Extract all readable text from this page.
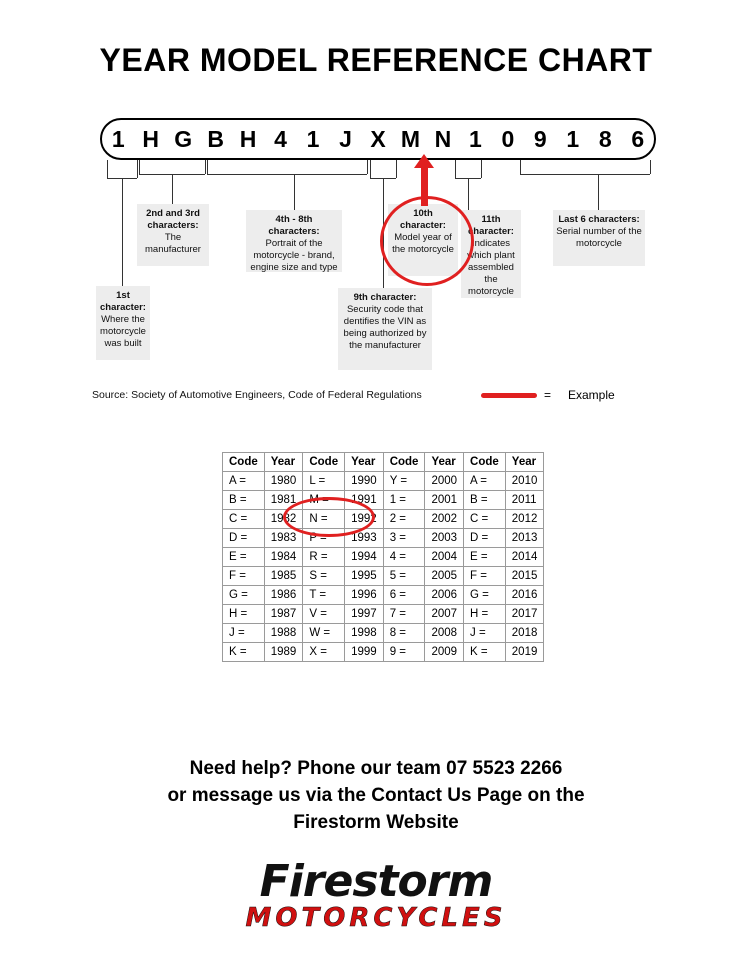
YEAR MODEL REFERENCE CHART
1 H G B H 4 1 J X M N 1 0 9 1 8 6
1st character:
Where the motorcycle was built
2nd and 3rd characters:
The manufacturer
4th - 8th characters:
Portrait of the motorcycle - brand, engine size and type
9th character:
Security code that dentifies the VIN as being authorized by the manufacturer
10th character:
Model year of the motorcycle
11th character:
Indicates which plant assembled the motorcycle
Last 6 characters:
Serial number of the motorcycle
Source: Society of Automotive Engineers, Code of Federal Regulations	= Example
Code	Year	Code	Year	Code	Year	Code	Year
A =	1980	L =	1990	Y =	2000	A =	2010
B =	1981	M =	1991	1 =	2001	B =	2011
C =	1982	N =	1992	2 =	2002	C =	2012
D =	1983	P =	1993	3 =	2003	D =	2013
E =	1984	R =	1994	4 =	2004	E =	2014
F =	1985	S =	1995	5 =	2005	F =	2015
G =	1986	T =	1996	6 =	2006	G =	2016
H =	1987	V =	1997	7 =	2007	H =	2017
J =	1988	W =	1998	8 =	2008	J =	2018
K =	1989	X =	1999	9 =	2009	K =	2019
Need help? Phone our team 07 5523 2266
or message us via the Contact Us Page on the
Firestorm Website
Firestorm
MOTORCYCLES
